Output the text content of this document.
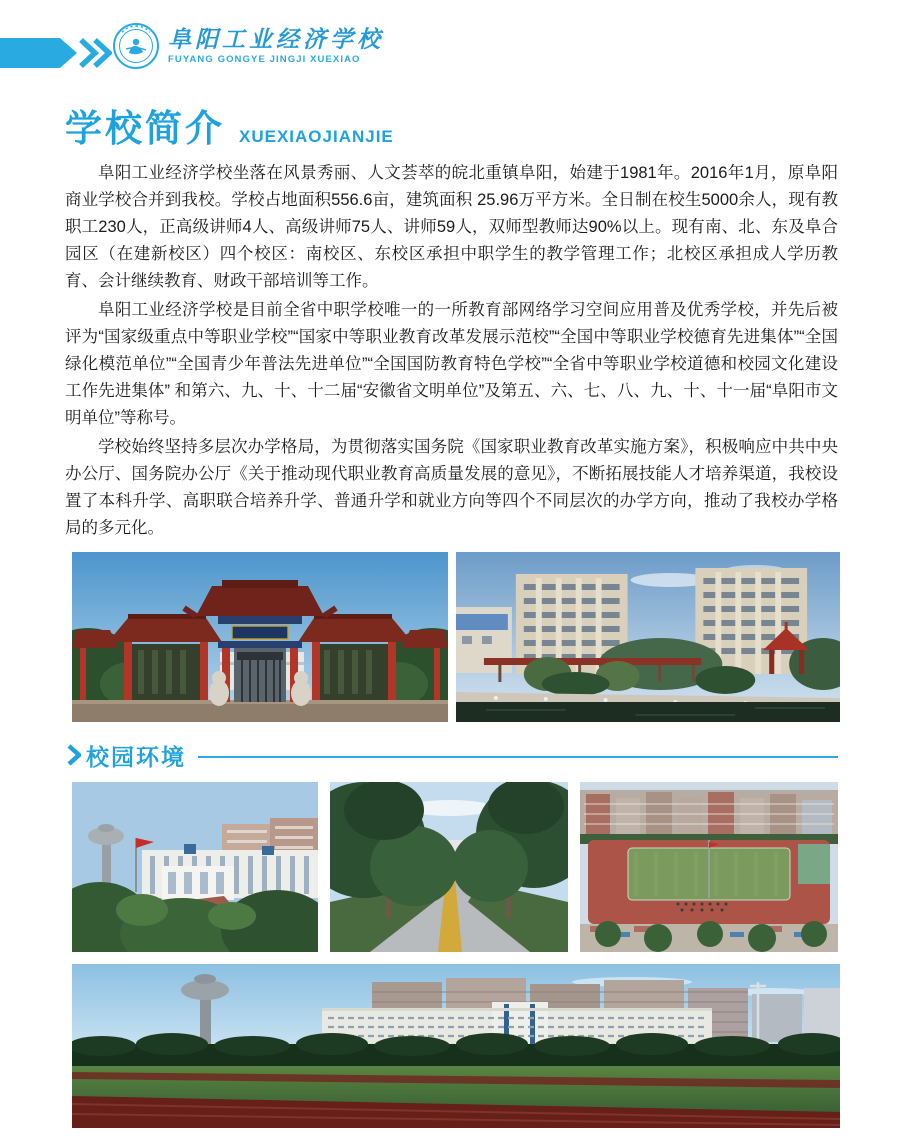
阜阳工业经济学校
FUYANG GONGYE JINGJI XUEXIAO
学校简介 XUEXIAOJIANJIE

阜阳工业经济学校坐落在风景秀丽、人文荟萃的皖北重镇阜阳，始建于1981年。2016年1月，原阜阳商业学校合并到我校。学校占地面积556.6亩，建筑面积 25.96万平方米。全日制在校生5000余人，现有教职工230人，正高级讲师4人、高级讲师75人、讲师59人，双师型教师达90%以上。现有南、北、东及阜合园区（在建新校区）四个校区：南校区、东校区承担中职学生的教学管理工作；北校区承担成人学历教育、会计继续教育、财政干部培训等工作。

阜阳工业经济学校是目前全省中职学校唯一的一所教育部网络学习空间应用普及优秀学校，并先后被评为“国家级重点中等职业学校”“国家中等职业教育改革发展示范校”“全国中等职业学校德育先进集体”“全国绿化模范单位”“全国青少年普法先进单位”“全国国防教育特色学校”“全省中等职业学校道德和校园文化建设工作先进集体” 和第六、九、十、十二届“安徽省文明单位”及第五、六、七、八、九、十、十一届“阜阳市文明单位”等称号。

学校始终坚持多层次办学格局，为贯彻落实国务院《国家职业教育改革实施方案》，积极响应中共中央办公厅、国务院办公厅《关于推动现代职业教育高质量发展的意见》，不断拓展技能人才培养渠道，我校设置了本科升学、高职联合培养升学、普通升学和就业方向等四个不同层次的办学方向，推动了我校办学格局的多元化。

校园环境
